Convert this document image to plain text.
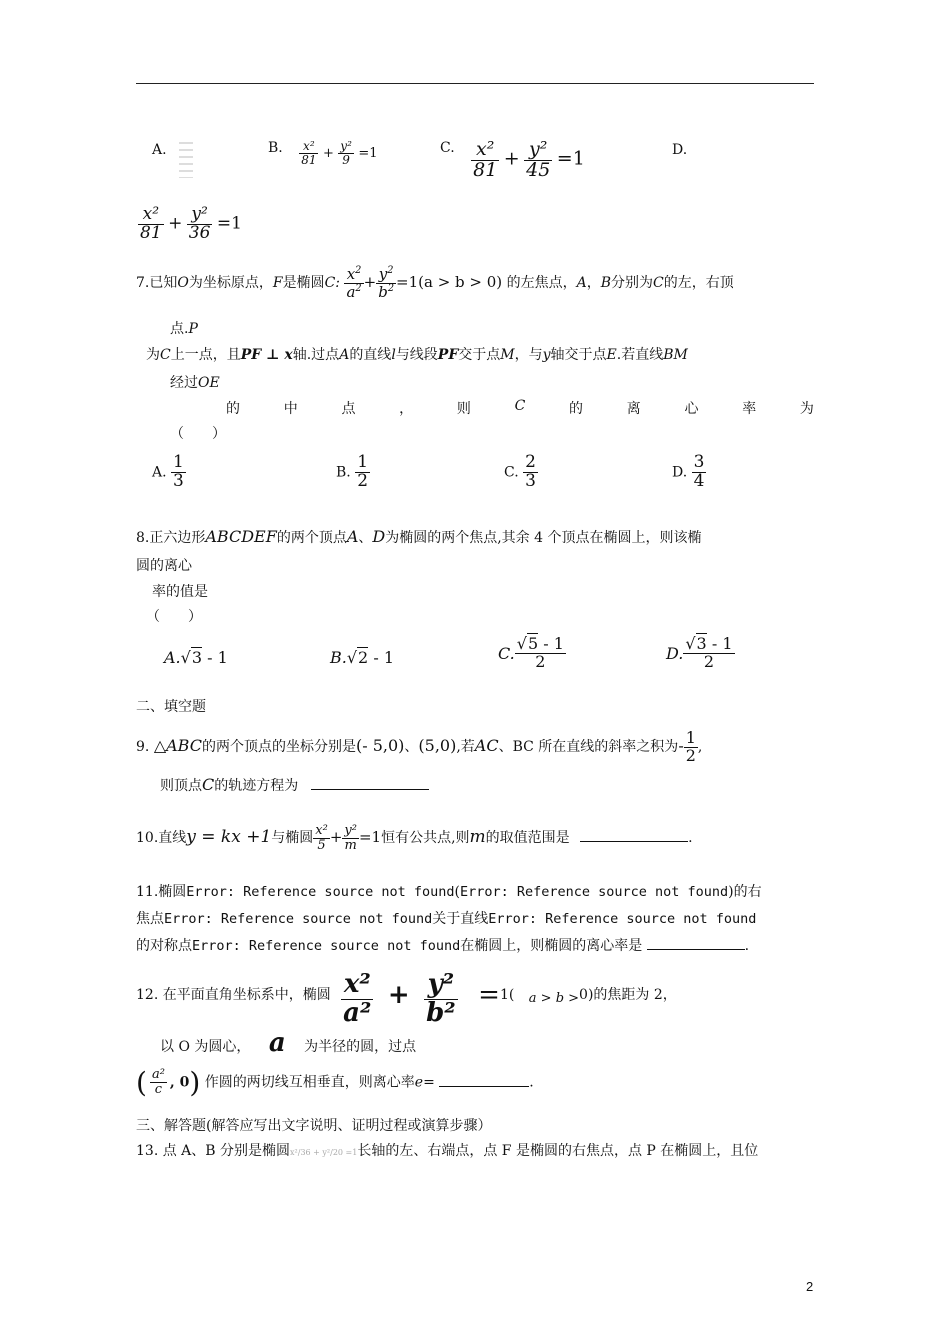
A.	B. $\frac{\text{x²}}{81} + \frac{\text{y²}}{9} =1$	C. $\frac{\text{x²}}{81} + \frac{\text{y²}}{45} =1$	D.
$\frac{\text{x²}}{81} + \frac{\text{y²}}{36} =1$
7.已知O为坐标原点，F是椭圆C: $\frac{x^2}{a^2} + \frac{y^2}{b^2} =1(a > b > 0)$ 的左焦点，A，B分别为C的左，右顶
点.P
为C上一点，且PF ⊥ x轴.过点A的直线l与线段PF交于点M，与y轴交于点E.若直线BM
经过OE
的	中	点	，	则	C	的	离	心	率	为
（　　）
A. $\frac{1}{3}$	B. $\frac{1}{2}$	C. $\frac{2}{3}$	D. $\frac{3}{4}$
8.正六边形ABCDEF的两个顶点A、D为椭圆的两个焦点,其余 4 个顶点在椭圆上，则该椭
圆的离心
率的值是
（　　）
A.√3 - 1	B.√2 - 1	C. $\frac{√5 - 1}{2}$	D. $\frac{√3 - 1}{2}$
二、填空题
9. △ABC的两个顶点的坐标分别是(- 5,0)、(5,0),若AC、BC 所在直线的斜率之积为- $\frac{1}{2}$ ,
则顶点C的轨迹方程为
10.直线y = kx +1与椭圆 $\frac{\text{x²}}{5} + \frac{\text{y²}}{m} =1$恒有公共点,则m的取值范围是	.
11.椭圆Error: Reference source not found(Error: Reference source not found)的右
焦点Error: Reference source not found关于直线Error: Reference source not found
的对称点Error: Reference source not found在椭圆上，则椭圆的离心率是	.
12. 在平面直角坐标系中，椭圆 $\frac{\text{x²}}{\text{a²}} + \frac{\text{y²}}{\text{b²}} =1$( a > b >0)的焦距为 2，
以 O 为圆心， a 为半径的圆，过点
( $\frac{\text{a²}}{c}$ , 0) 作圆的两切线互相垂直，则离心率e=	.
三、解答题(解答应写出文字说明、证明过程或演算步骤）
13. 点 A、B 分别是椭圆x²/36 + y²/20 =1长轴的左、右端点，点 F 是椭圆的右焦点，点 P 在椭圆上，且位
2
